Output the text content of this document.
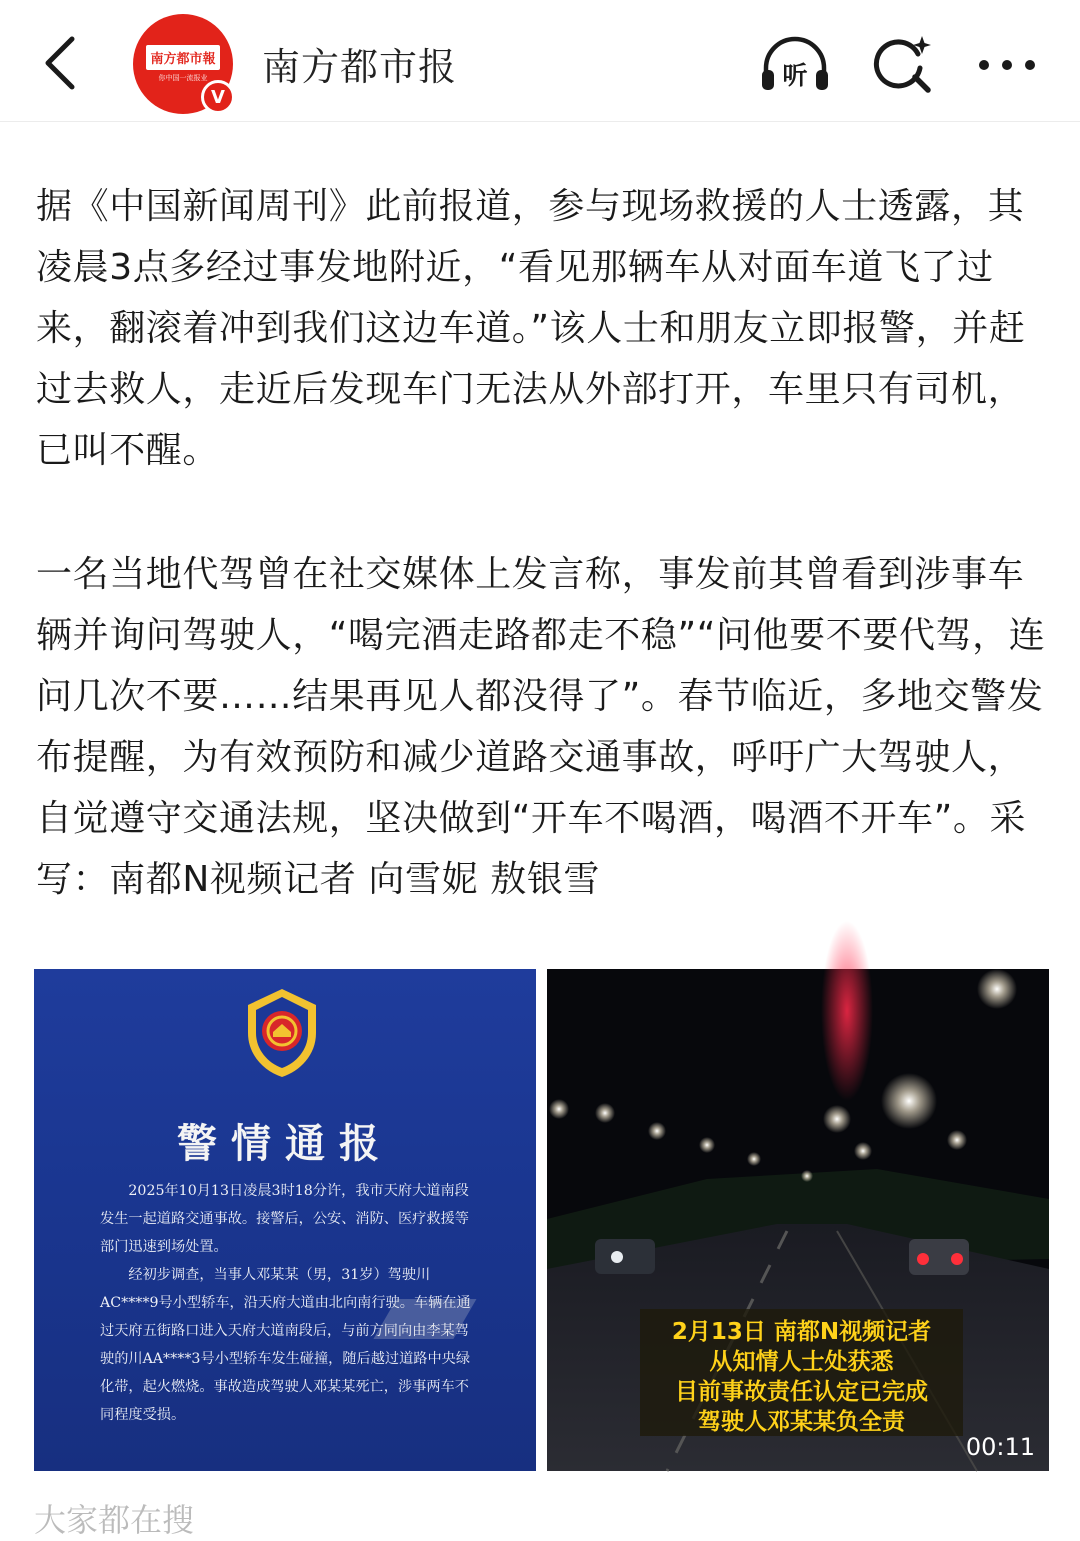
南方都市報
你中国一流报业
V
南方都市报	听

据《中国新闻周刊》此前报道，参与现场救援的人士透露，其凌晨3点多经过事发地附近，“看见那辆车从对面车道飞了过来，翻滚着冲到我们这边车道。”该人士和朋友立即报警，并赶过去救人，走近后发现车门无法从外部打开，车里只有司机，已叫不醒。

一名当地代驾曾在社交媒体上发言称，事发前其曾看到涉事车辆并询问驾驶人，“喝完酒走路都走不稳”“问他要不要代驾，连问几次不要……结果再见人都没得了”。春节临近，多地交警发布提醒，为有效预防和减少道路交通事故，呼吁广大驾驶人，自觉遵守交通法规，坚决做到“开车不喝酒，喝酒不开车”。采写：南都N视频记者 向雪妮 敖银雪

警情通报

2025年10月13日凌晨3时18分许，我市天府大道南段发生一起道路交通事故。接警后，公安、消防、医疗救援等部门迅速到场处置。

经初步调查，当事人邓某某（男，31岁）驾驶川AC****9号小型轿车，沿天府大道由北向南行驶。车辆在通过天府五街路口进入天府大道南段后，与前方同向由李某驾驶的川AA****3号小型轿车发生碰撞，随后越过道路中央绿化带，起火燃烧。事故造成驾驶人邓某某死亡，涉事两车不同程度受损。

2月13日 南都N视频记者
从知情人士处获悉
目前事故责任认定已完成
驾驶人邓某某负全责
00:11
大家都在搜
